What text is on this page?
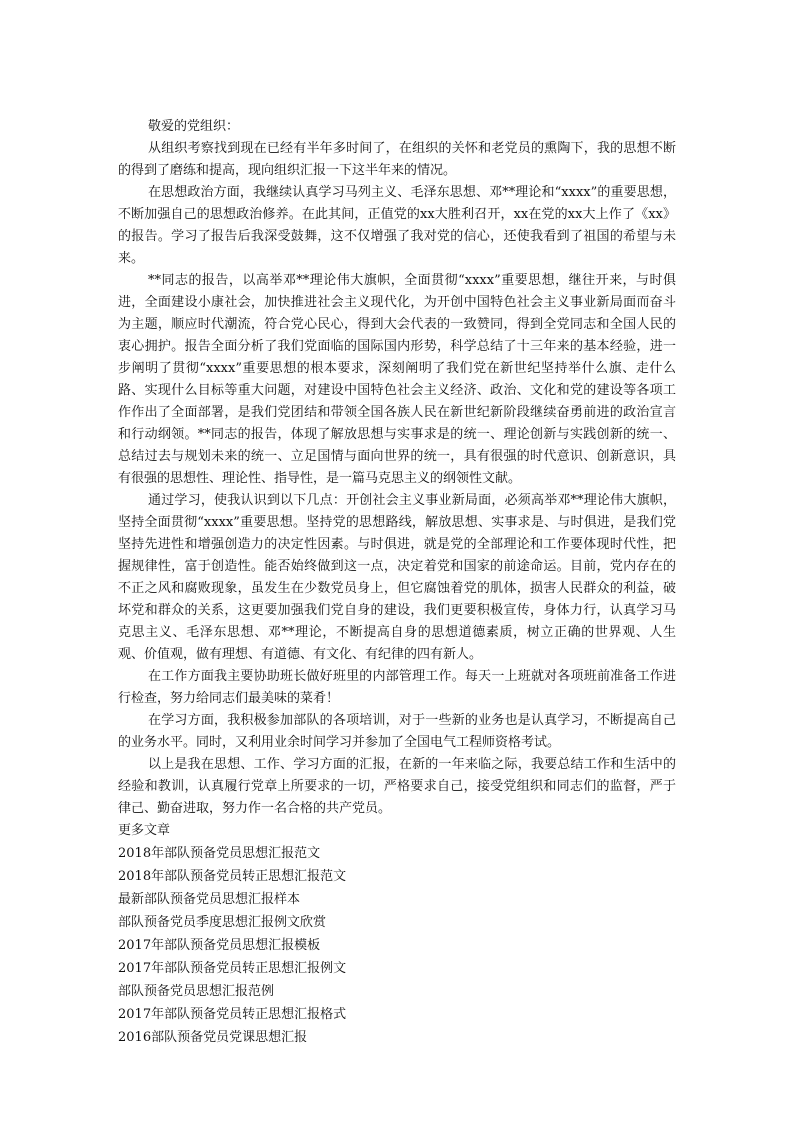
敬爱的党组织：

从组织考察找到现在已经有半年多时间了，在组织的关怀和老党员的熏陶下，我的思想不断的得到了磨练和提高，现向组织汇报一下这半年来的情况。

在思想政治方面，我继续认真学习马列主义、毛泽东思想、邓**理论和“xxxx”的重要思想，不断加强自己的思想政治修养。在此其间，正值党的xx大胜利召开，xx在党的xx大上作了《xx》的报告。学习了报告后我深受鼓舞，这不仅增强了我对党的信心，还使我看到了祖国的希望与未来。

**同志的报告，以高举邓**理论伟大旗帜，全面贯彻“xxxx”重要思想，继往开来，与时俱进，全面建设小康社会，加快推进社会主义现代化，为开创中国特色社会主义事业新局面而奋斗为主题，顺应时代潮流，符合党心民心，得到大会代表的一致赞同，得到全党同志和全国人民的衷心拥护。报告全面分析了我们党面临的国际国内形势，科学总结了十三年来的基本经验，进一步阐明了贯彻“xxxx”重要思想的根本要求，深刻阐明了我们党在新世纪坚持举什么旗、走什么路、实现什么目标等重大问题，对建设中国特色社会主义经济、政治、文化和党的建设等各项工作作出了全面部署，是我们党团结和带领全国各族人民在新世纪新阶段继续奋勇前进的政治宣言和行动纲领。**同志的报告，体现了解放思想与实事求是的统一、理论创新与实践创新的统一、总结过去与规划未来的统一、立足国情与面向世界的统一，具有很强的时代意识、创新意识，具有很强的思想性、理论性、指导性，是一篇马克思主义的纲领性文献。

通过学习，使我认识到以下几点：开创社会主义事业新局面，必须高举邓**理论伟大旗帜，坚持全面贯彻“xxxx”重要思想。坚持党的思想路线，解放思想、实事求是、与时俱进，是我们党坚持先进性和增强创造力的决定性因素。与时俱进，就是党的全部理论和工作要体现时代性，把握规律性，富于创造性。能否始终做到这一点，决定着党和国家的前途命运。目前，党内存在的不正之风和腐败现象，虽发生在少数党员身上，但它腐蚀着党的肌体，损害人民群众的利益，破坏党和群众的关系，这更要加强我们党自身的建设，我们更要积极宣传，身体力行，认真学习马克思主义、毛泽东思想、邓**理论，不断提高自身的思想道德素质，树立正确的世界观、人生观、价值观，做有理想、有道德、有文化、有纪律的四有新人。

在工作方面我主要协助班长做好班里的内部管理工作。每天一上班就对各项班前准备工作进行检查，努力给同志们最美味的菜肴！

在学习方面，我积极参加部队的各项培训，对于一些新的业务也是认真学习，不断提高自己的业务水平。同时，又利用业余时间学习并参加了全国电气工程师资格考试。

以上是我在思想、工作、学习方面的汇报，在新的一年来临之际，我要总结工作和生活中的经验和教训，认真履行党章上所要求的一切，严格要求自己，接受党组织和同志们的监督，严于律己、勤奋进取，努力作一名合格的共产党员。

更多文章

2018年部队预备党员思想汇报范文
2018年部队预备党员转正思想汇报范文
最新部队预备党员思想汇报样本
部队预备党员季度思想汇报例文欣赏
2017年部队预备党员思想汇报模板
2017年部队预备党员转正思想汇报例文
部队预备党员思想汇报范例
2017年部队预备党员转正思想汇报格式
2016部队预备党员党课思想汇报
